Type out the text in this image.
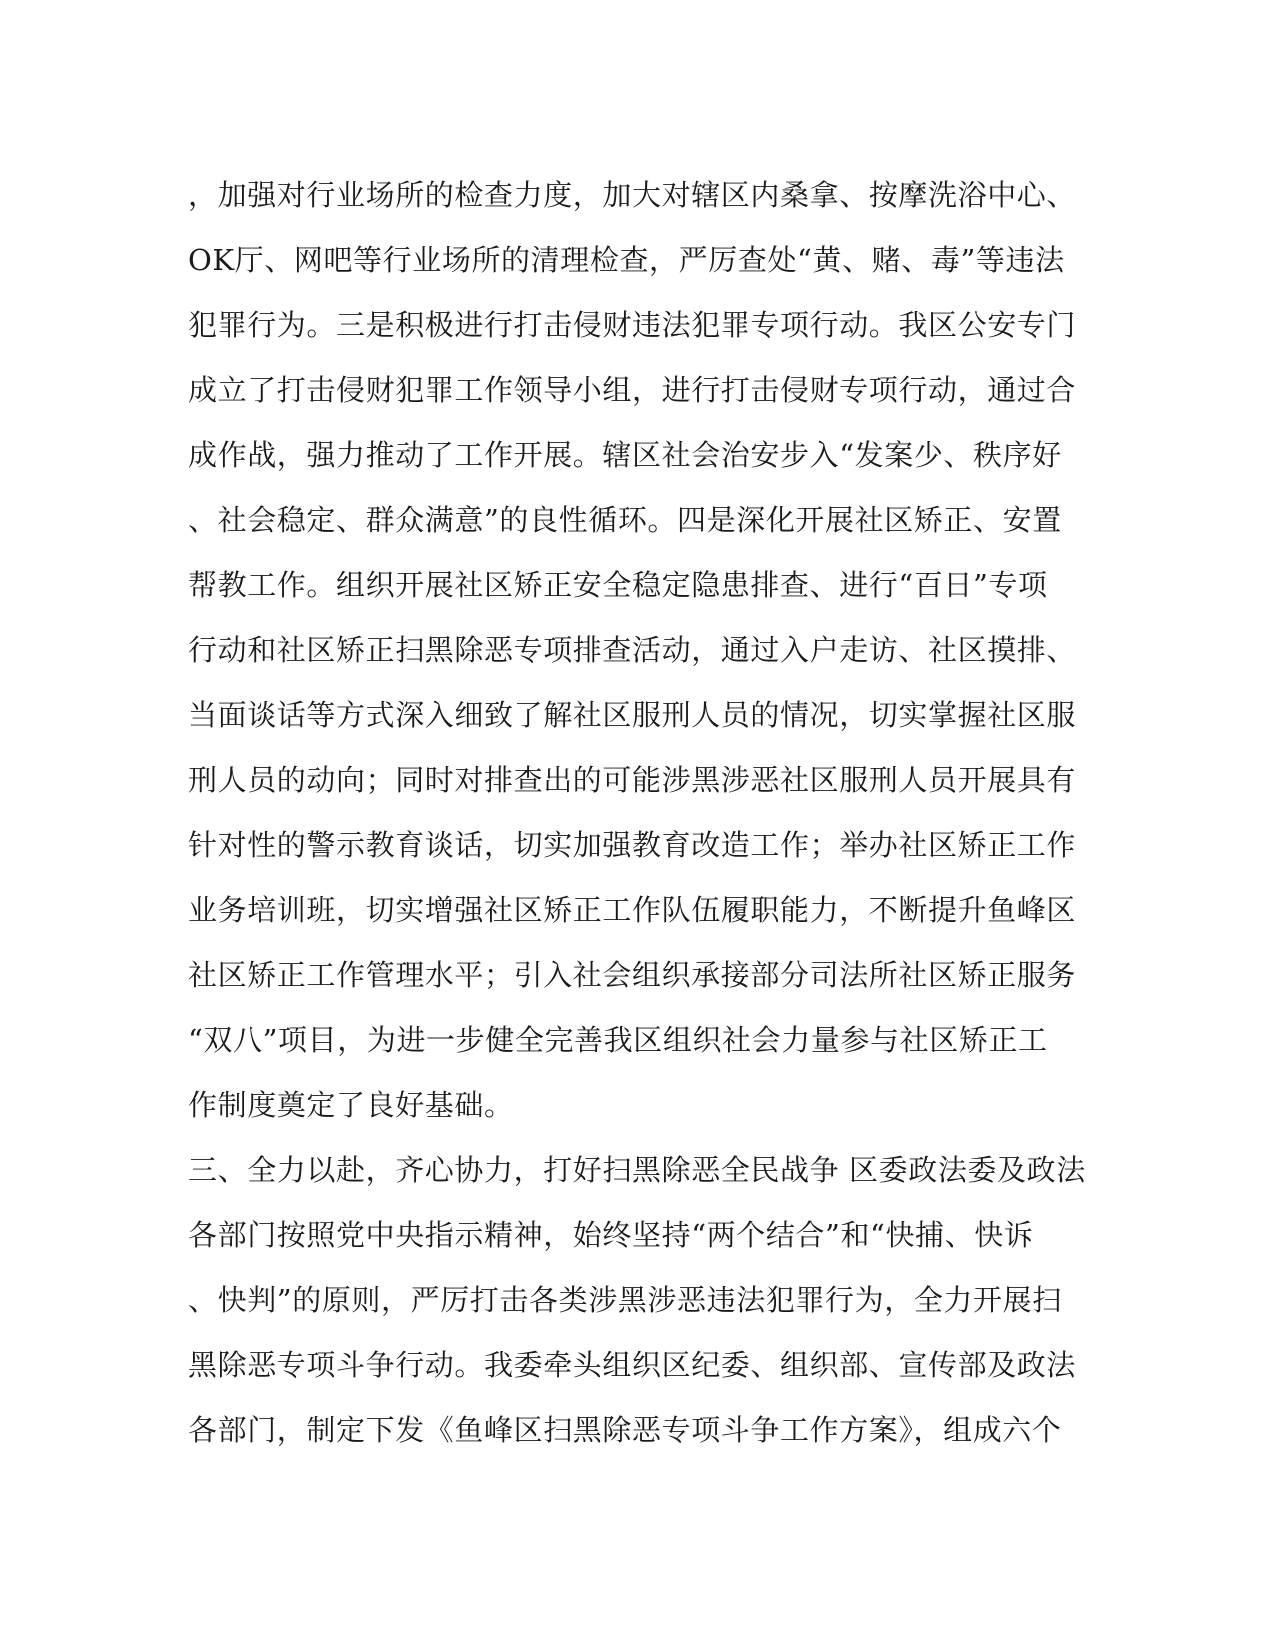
，加强对行业场所的检查力度，加大对辖区内桑拿、按摩洗浴中心、
OK厅、网吧等行业场所的清理检查，严厉查处“黄、赌、毒”等违法
犯罪行为。三是积极进行打击侵财违法犯罪专项行动。我区公安专门
成立了打击侵财犯罪工作领导小组，进行打击侵财专项行动，通过合
成作战，强力推动了工作开展。辖区社会治安步入“发案少、秩序好
、社会稳定、群众满意”的良性循环。四是深化开展社区矫正、安置
帮教工作。组织开展社区矫正安全稳定隐患排查、进行“百日”专项
行动和社区矫正扫黑除恶专项排查活动，通过入户走访、社区摸排、
当面谈话等方式深入细致了解社区服刑人员的情况，切实掌握社区服
刑人员的动向；同时对排查出的可能涉黑涉恶社区服刑人员开展具有
针对性的警示教育谈话，切实加强教育改造工作；举办社区矫正工作
业务培训班，切实增强社区矫正工作队伍履职能力，不断提升鱼峰区
社区矫正工作管理水平；引入社会组织承接部分司法所社区矫正服务
“双八”项目，为进一步健全完善我区组织社会力量参与社区矫正工
作制度奠定了良好基础。
三、全力以赴，齐心协力，打好扫黑除恶全民战争 区委政法委及政法
各部门按照党中央指示精神，始终坚持“两个结合”和“快捕、快诉
、快判”的原则，严厉打击各类涉黑涉恶违法犯罪行为，全力开展扫
黑除恶专项斗争行动。我委牵头组织区纪委、组织部、宣传部及政法
各部门，制定下发《鱼峰区扫黑除恶专项斗争工作方案》，组成六个
